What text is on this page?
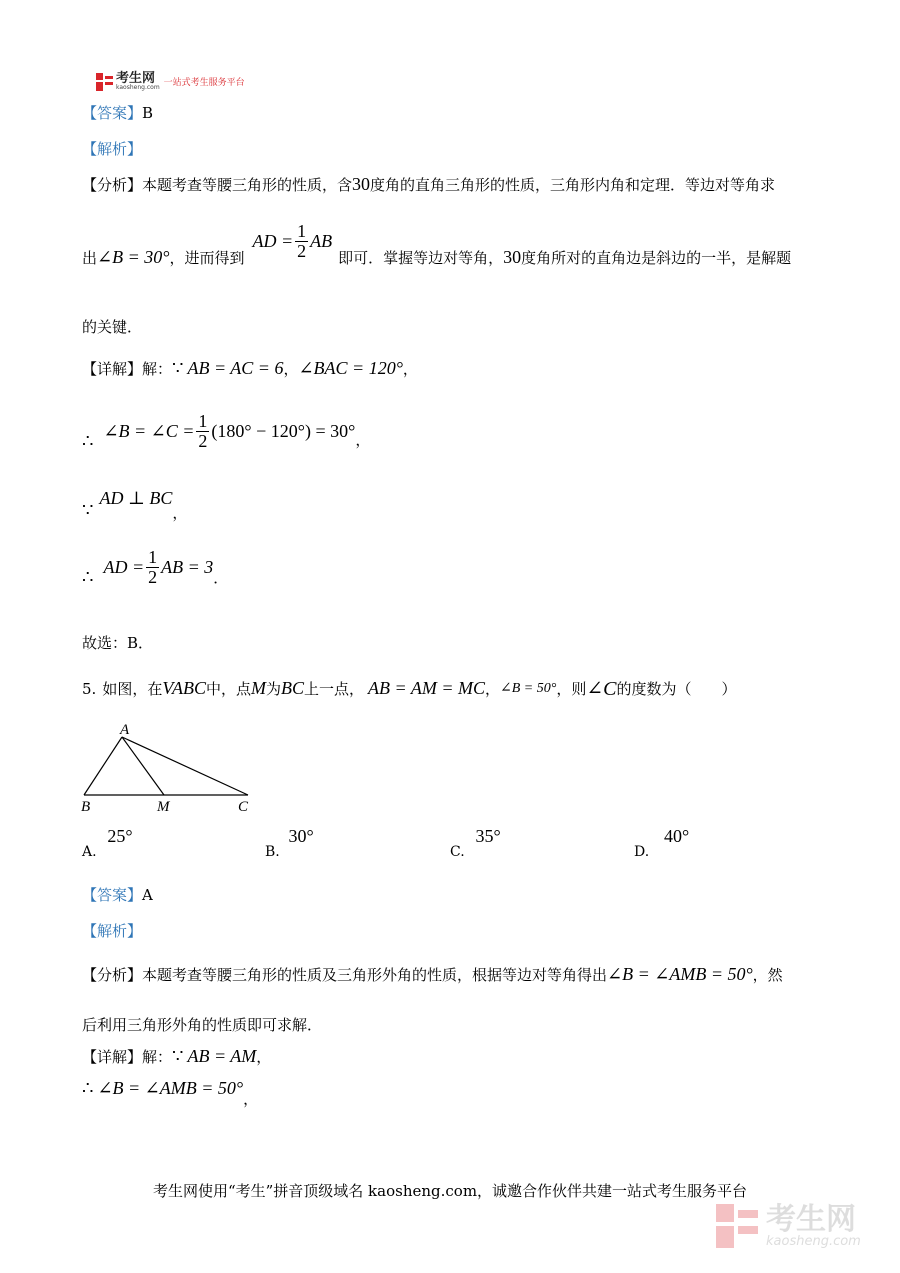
考生网
kaosheng.com 一站式考生服务平台
【答案】B
【解析】
【分析】本题考查等腰三角形的性质，含30度角的直角三角形的性质，三角形内角和定理．等边对等角求
出 ∠B = 30° ，进而得到
AD = $\frac{1}{2}$ AB
即可．掌握等边对等角， 30 度角所对的直角边是斜边的一半，是解题
的关键．
【详解】 解： ∵ AB = AC = 6 ， ∠BAC = 120° ，
∴ ∠B = ∠C = $\frac{1}{2} (180^\circ - 120^\circ) = 30^\circ$ ，
∵
AD ⊥ BC
，
∴ AD = $\frac{1}{2}$ AB = 3
．
故选：B．
5. 如图，在 VABC 中，点 M 为 BC 上一点， AB = AM = MC ， ∠B = 50° ，则 ∠C 的度数为（　　）
A
B	M	C
A. 25°
B. 30°
C. 35°
D. 40°
【答案】A
【解析】
【分析】 本题考查等腰三角形的性质及三角形外角的性质，根据等边对等角得出 ∠B = ∠AMB = 50° ，然
后利用三角形外角的性质即可求解．
【详解】 解： ∵ AB = AM ，
∴ ∠B = ∠AMB = 50°
，
考生网使用“考生”拼音顶级域名 kaosheng.com，诚邀合作伙伴共建一站式考生服务平台
考生网
kaosheng.com
